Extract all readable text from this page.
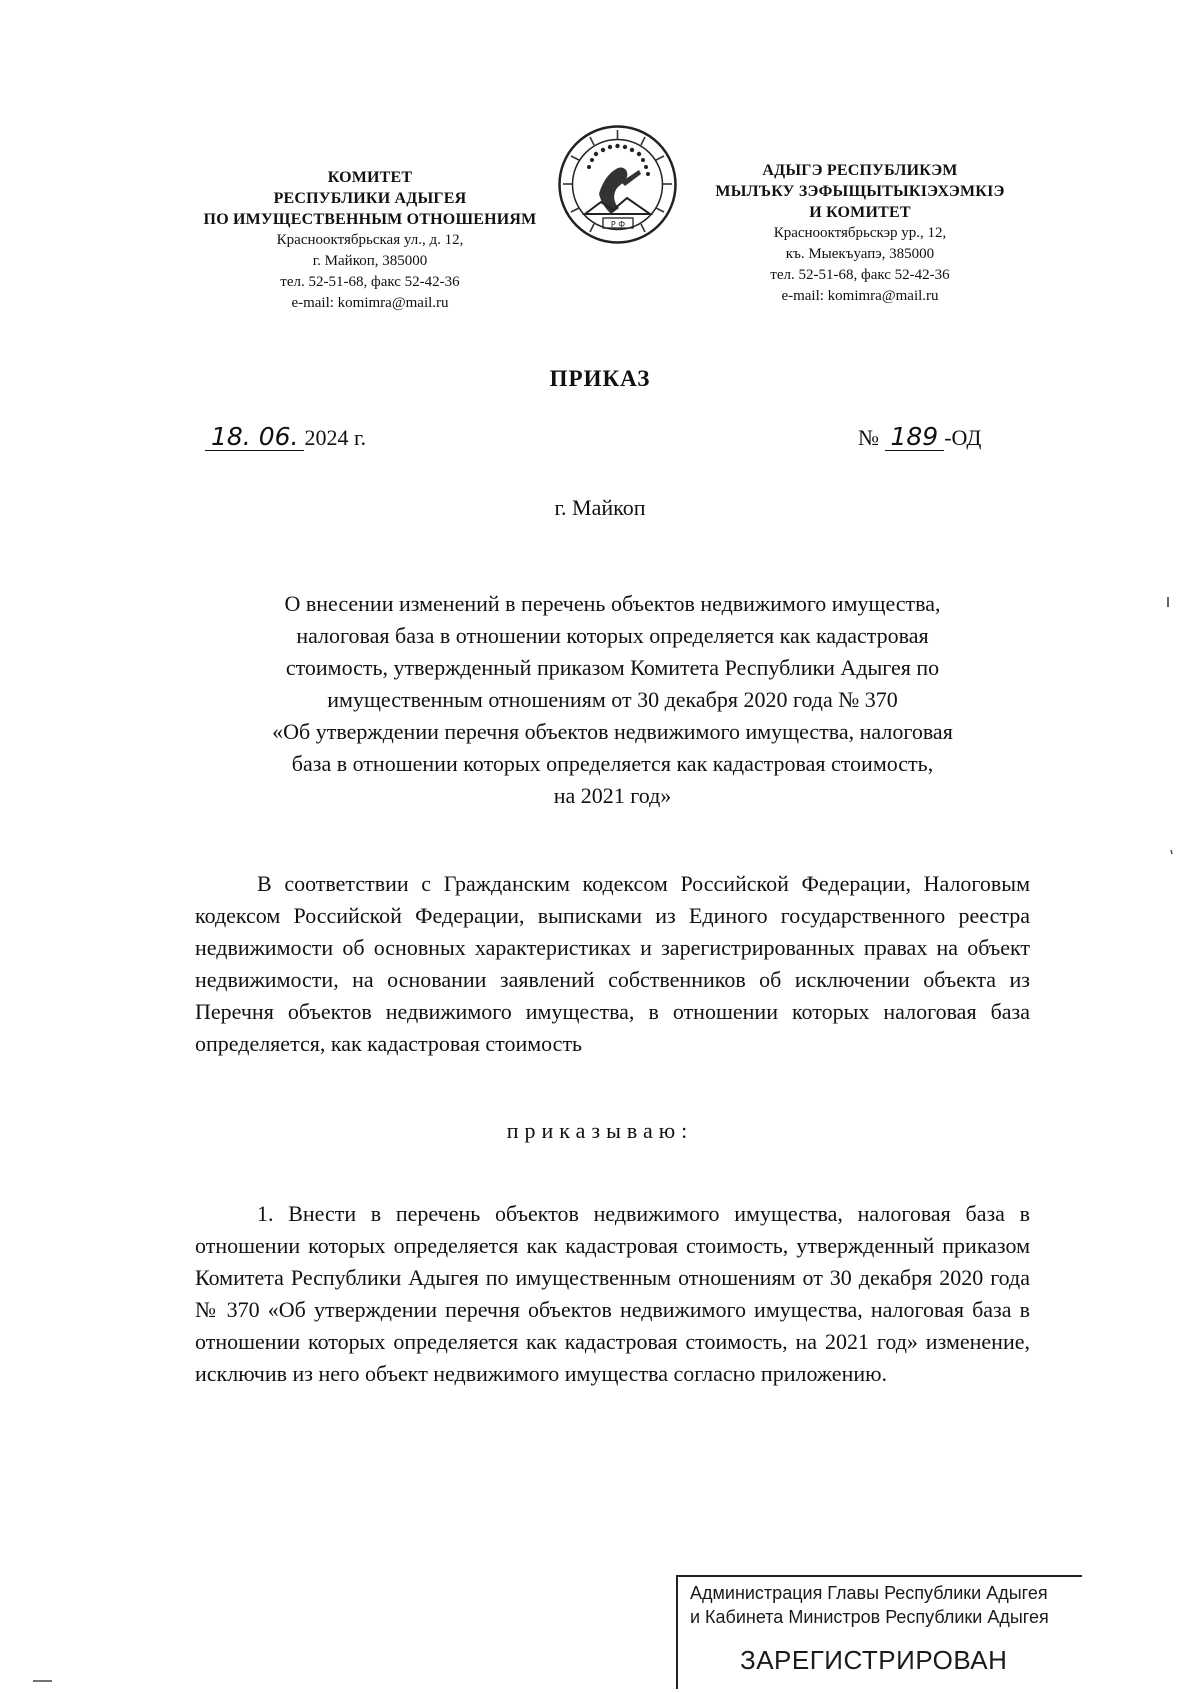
КОМИТЕТ
РЕСПУБЛИКИ АДЫГЕЯ
ПО ИМУЩЕСТВЕННЫМ ОТНОШЕНИЯМ
Краснооктябрьская ул., д. 12,
г. Майкоп, 385000
тел. 52-51-68, факс 52-42-36
e-mail: komimra@mail.ru
Р Ф
АДЫГЭ РЕСПУБЛИКЭМ
МЫЛЪКУ ЗЭФЫЩЫТЫКIЭХЭМКIЭ
И КОМИТЕТ
Краснооктябрьскэр ур., 12,
къ. Мыекъуапэ, 385000
тел. 52-51-68, факс 52-42-36
e-mail: komimra@mail.ru
ПРИКАЗ
18. 06. 2024 г.	№ 189 -ОД
г. Майкоп
О внесении изменений в перечень объектов недвижимого имущества,
налоговая база в отношении которых определяется как кадастровая
стоимость, утвержденный приказом Комитета Республики Адыгея по
имущественным отношениям от 30 декабря 2020 года № 370
«Об утверждении перечня объектов недвижимого имущества, налоговая
база в отношении которых определяется как кадастровая стоимость,
на 2021 год»

В соответствии с Гражданским кодексом Российской Федерации, Налоговым кодексом Российской Федерации, выписками из Единого государственного реестра недвижимости об основных характеристиках и зарегистрированных правах на объект недвижимости, на основании заявлений собственников об исключении объекта из Перечня объектов недвижимого имущества, в отношении которых налоговая база определяется, как кадастровая стоимость

приказываю:

1. Внести в перечень объектов недвижимого имущества, налоговая база в отношении которых определяется как кадастровая стоимость, утвержденный приказом Комитета Республики Адыгея по имущественным отношениям от 30 декабря 2020 года № 370 «Об утверждении перечня объектов недвижимого имущества, налоговая база в отношении которых определяется как кадастровая стоимость, на 2021 год» изменение, исключив из него объект недвижимого имущества согласно приложению.

Администрация Главы Республики Адыгея
и Кабинета Министров Республики Адыгея
ЗАРЕГИСТРИРОВАН
